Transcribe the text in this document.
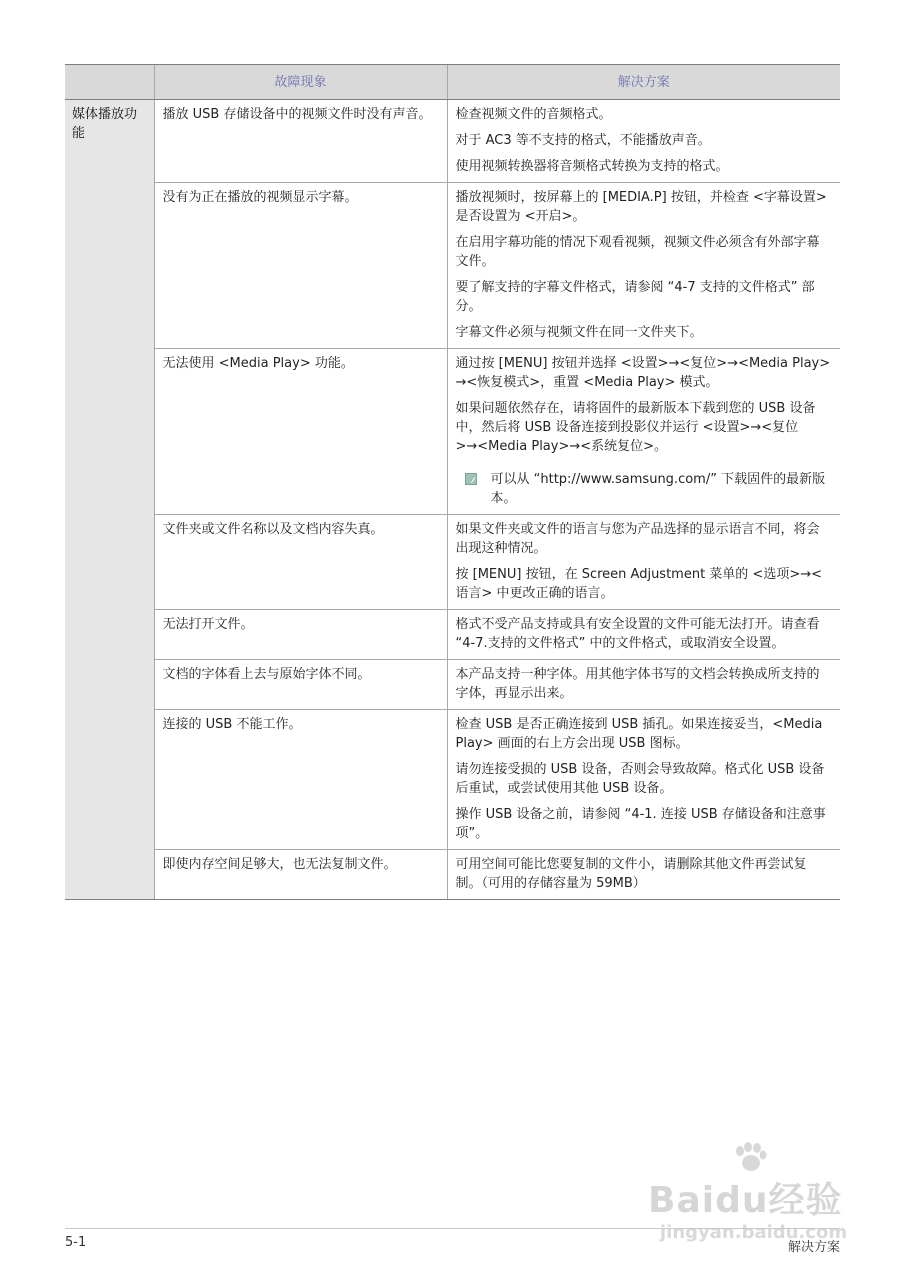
	故障现象	解决方案
媒体播放功能	播放 USB 存储设备中的视频文件时没有声音。	检查视频文件的音频格式。

对于 AC3 等不支持的格式，不能播放声音。

使用视频转换器将音频格式转换为支持的格式。

	没有为正在播放的视频显示字幕。	播放视频时，按屏幕上的 [MEDIA.P] 按钮，并检查 <字幕设置> 是否设置为 <开启>。

在启用字幕功能的情况下观看视频，视频文件必须含有外部字幕文件。

要了解支持的字幕文件格式，请参阅 “4-7 支持的文件格式” 部分。

字幕文件必须与视频文件在同一文件夹下。

	无法使用 <Media Play> 功能。	通过按 [MENU] 按钮并选择 <设置>→<复位>→<Media Play> →<恢复模式>，重置 <Media Play> 模式。

如果问题依然存在，请将固件的最新版本下载到您的 USB 设备中，然后将 USB 设备连接到投影仪并运行 <设置>→<复位>→<Media Play>→<系统复位>。

可以从 “http://www.samsung.com/” 下载固件的最新版本。

	文件夹或文件名称以及文档内容失真。	如果文件夹或文件的语言与您为产品选择的显示语言不同，将会出现这种情况。

按 [MENU] 按钮，在 Screen Adjustment 菜单的 <选项>→<语言> 中更改正确的语言。

	无法打开文件。	格式不受产品支持或具有安全设置的文件可能无法打开。请查看 “4-7.支持的文件格式” 中的文件格式，或取消安全设置。

	文档的字体看上去与原始字体不同。	本产品支持一种字体。用其他字体书写的文档会转换成所支持的字体，再显示出来。

	连接的 USB 不能工作。	检查 USB 是否正确连接到 USB 插孔。如果连接妥当，<Media Play> 画面的右上方会出现 USB 图标。

请勿连接受损的 USB 设备，否则会导致故障。格式化 USB 设备后重试，或尝试使用其他 USB 设备。

操作 USB 设备之前，请参阅 “4-1. 连接 USB 存储设备和注意事项”。

	即使内存空间足够大，也无法复制文件。	可用空间可能比您要复制的文件小，请删除其他文件再尝试复制。（可用的存储容量为 59MB）

Baidu经验
jingyan.baidu.com
5-1	解决方案
